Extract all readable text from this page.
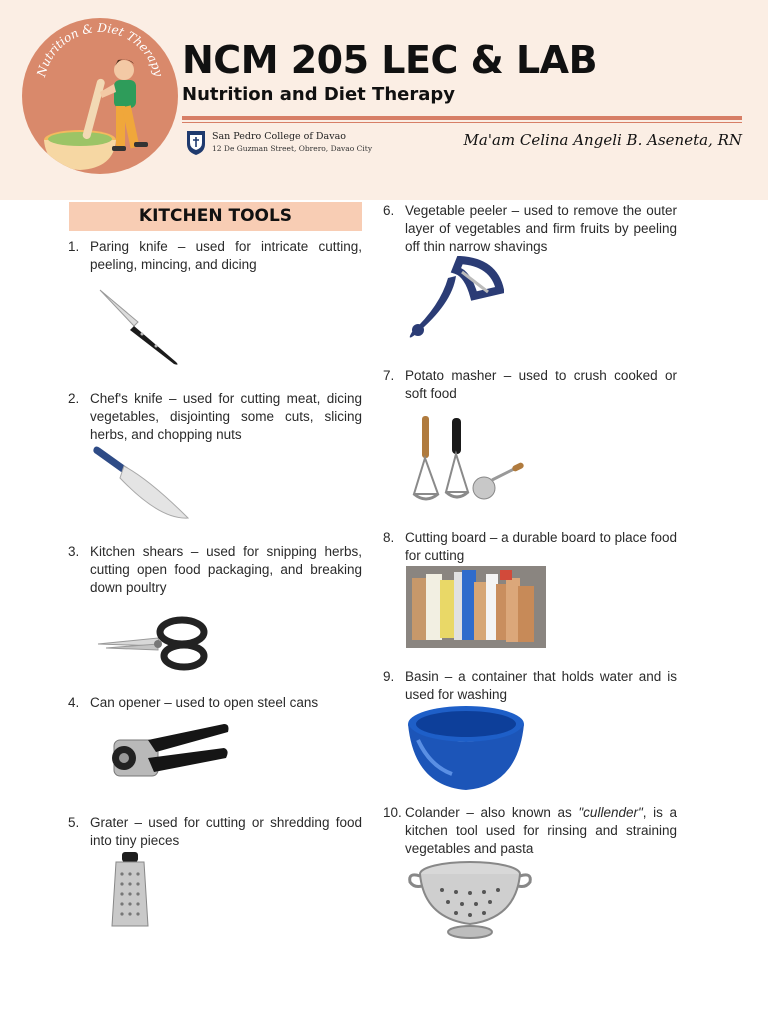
Nutrition & Diet Therapy NCM 205 LEC & LAB
Nutrition and Diet Therapy
San Pedro College of Davao
12 De Guzman Street, Obrero, Davao City	Ma'am Celina Angeli B. Aseneta, RN
KITCHEN TOOLS
1. Paring knife – used for intricate cutting, peeling, mincing, and dicing
2. Chef's knife – used for cutting meat, dicing vegetables, disjointing some cuts, slicing herbs, and chopping nuts
3. Kitchen shears – used for snipping herbs, cutting open food packaging, and breaking down poultry
4. Can opener – used to open steel cans
5. Grater – used for cutting or shredding food into tiny pieces
6. Vegetable peeler – used to remove the outer layer of vegetables and firm fruits by peeling off thin narrow shavings
7. Potato masher – used to crush cooked or soft food
8. Cutting board – a durable board to place food for cutting
9. Basin – a container that holds water and is used for washing
10. Colander – also known as "cullender", is a kitchen tool used for rinsing and straining vegetables and pasta
